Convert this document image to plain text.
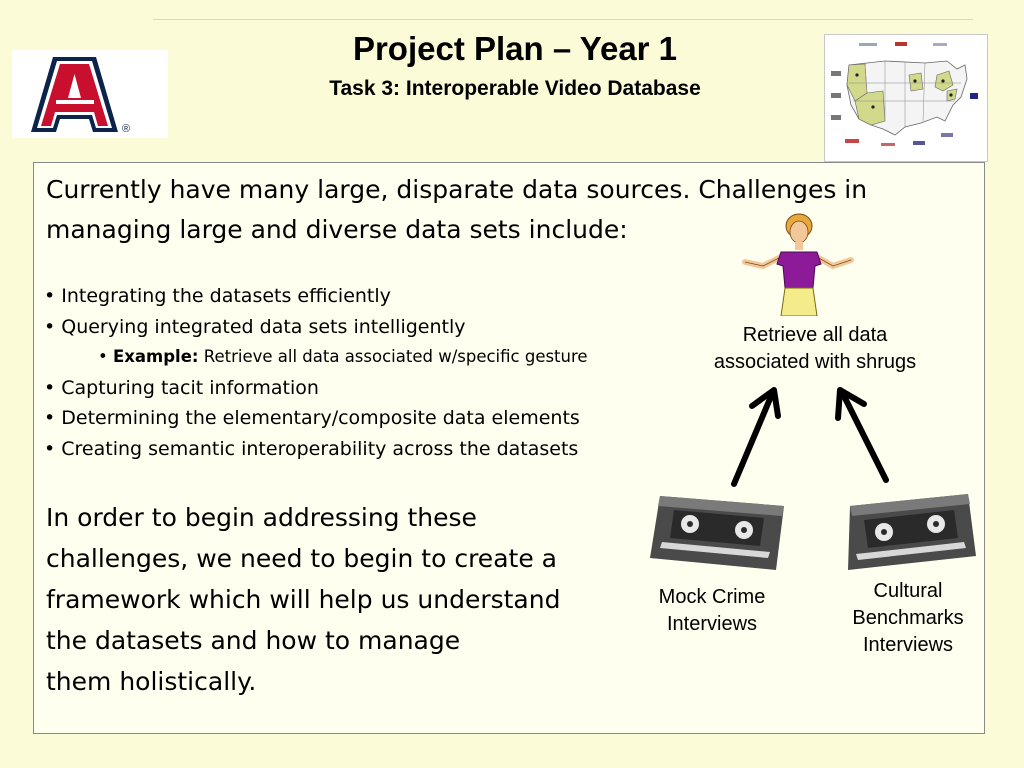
®
Project Plan – Year 1
Task 3: Interoperable Video Database
Currently have many large, disparate data sources. Challenges in managing large and diverse data sets include:
• Integrating the datasets efficiently
• Querying integrated data sets intelligently
• Example: Retrieve all data associated w/specific gesture
• Capturing tacit information
• Determining the elementary/composite data elements
• Creating semantic interoperability across the datasets
In order to begin addressing these
challenges, we need to begin to create a
framework which will help us understand
the datasets and how to manage
them holistically.
Retrieve all data
associated with shrugs
Mock Crime
Interviews
Cultural
Benchmarks
Interviews
